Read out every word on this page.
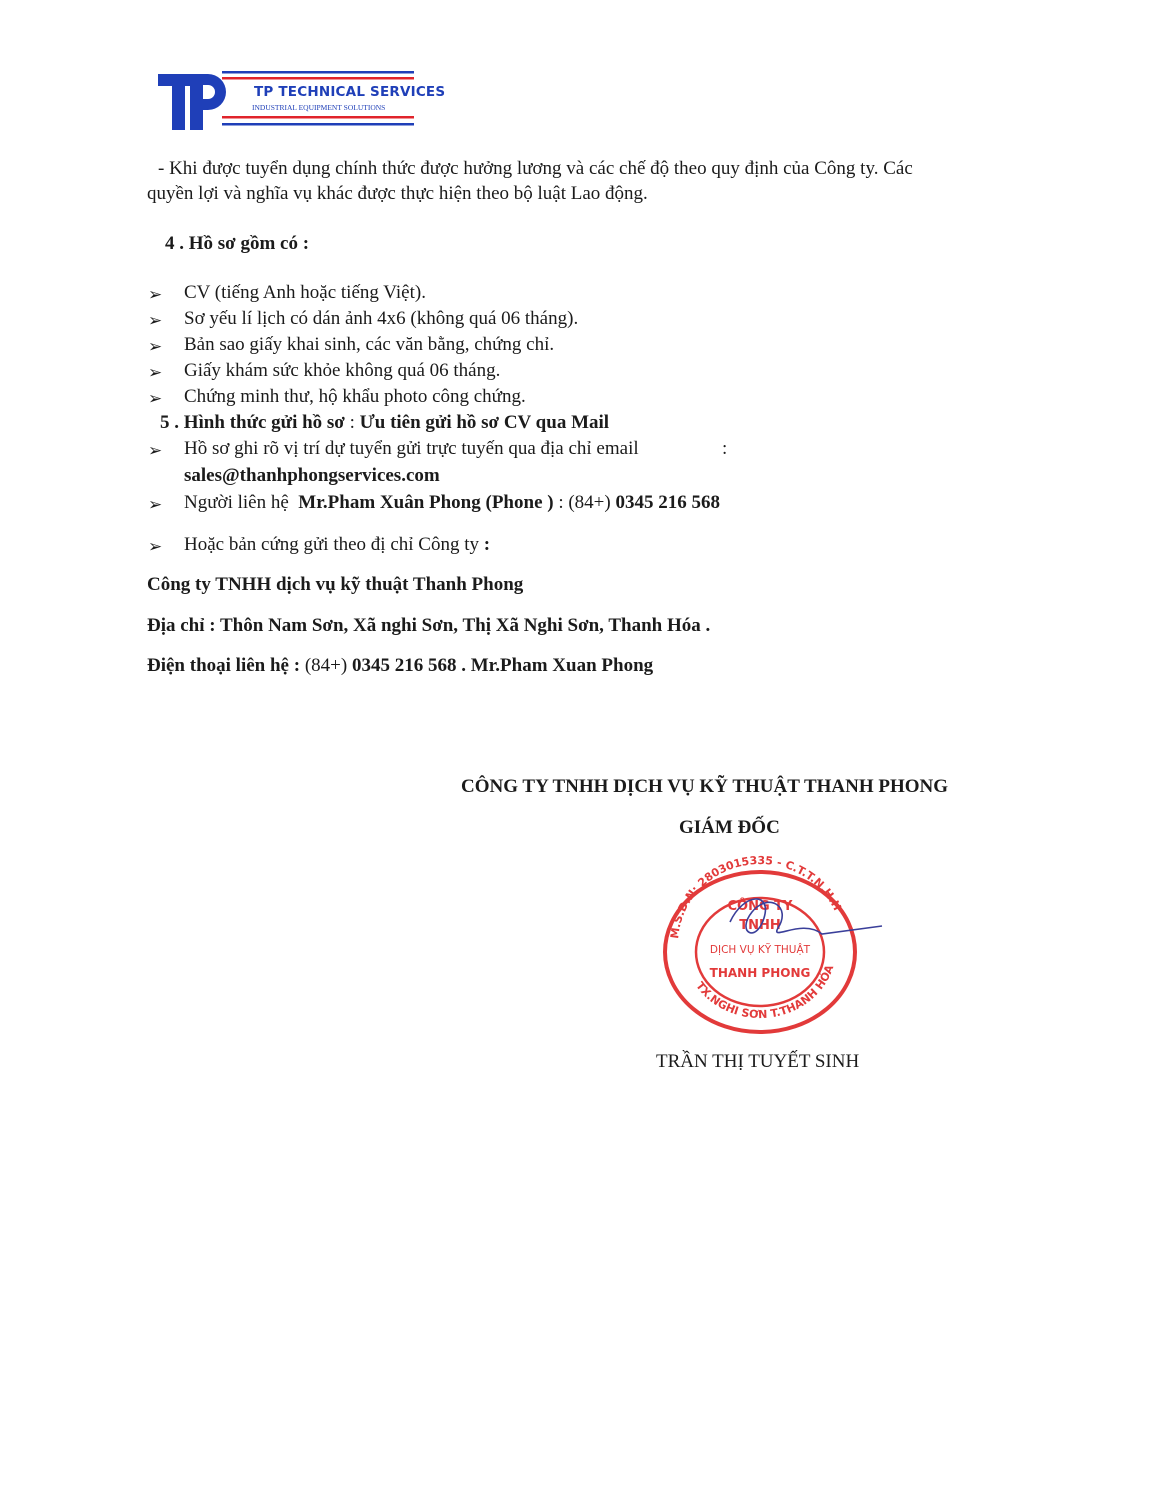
TP TECHNICAL SERVICES
INDUSTRIAL EQUIPMENT SOLUTIONS
- Khi được tuyển dụng chính thức được hưởng lương và các chế độ theo quy định của Công ty. Các
quyền lợi và nghĩa vụ khác được thực hiện theo bộ luật Lao động.
4 . Hồ sơ gồm có :
➢ CV (tiếng Anh hoặc tiếng Việt).
➢ Sơ yếu lí lịch có dán ảnh 4x6 (không quá 06 tháng).
➢ Bản sao giấy khai sinh, các văn bằng, chứng chỉ.
➢ Giấy khám sức khỏe không quá 06 tháng.
➢ Chứng minh thư, hộ khẩu photo công chứng.
5 . Hình thức gửi hồ sơ : Ưu tiên gửi hồ sơ CV qua Mail
➢ Hồ sơ ghi rõ vị trí dự tuyển gửi trực tuyến qua địa chỉ email	:
sales@thanhphongservices.com
➢ Người liên hệ Mr.Pham Xuân Phong (Phone ) : (84+) 0345 216 568
➢ Hoặc bản cứng gửi theo đị chỉ Công ty :
Công ty TNHH dịch vụ kỹ thuật Thanh Phong
Địa chỉ : Thôn Nam Sơn, Xã nghi Sơn, Thị Xã Nghi Sơn, Thanh Hóa .
Điện thoại liên hệ : (84+) 0345 216 568 . Mr.Pham Xuan Phong
CÔNG TY TNHH DỊCH VỤ KỸ THUẬT THANH PHONG
GIÁM ĐỐC
M.S.D.N: 2803015335 - C.T.T.N.H.H
TX.NGHI SƠN T.THANH HÓA
CÔNG TY
TNHH
DỊCH VỤ KỸ THUẬT
THANH PHONG
TRẦN THỊ TUYẾT SINH
